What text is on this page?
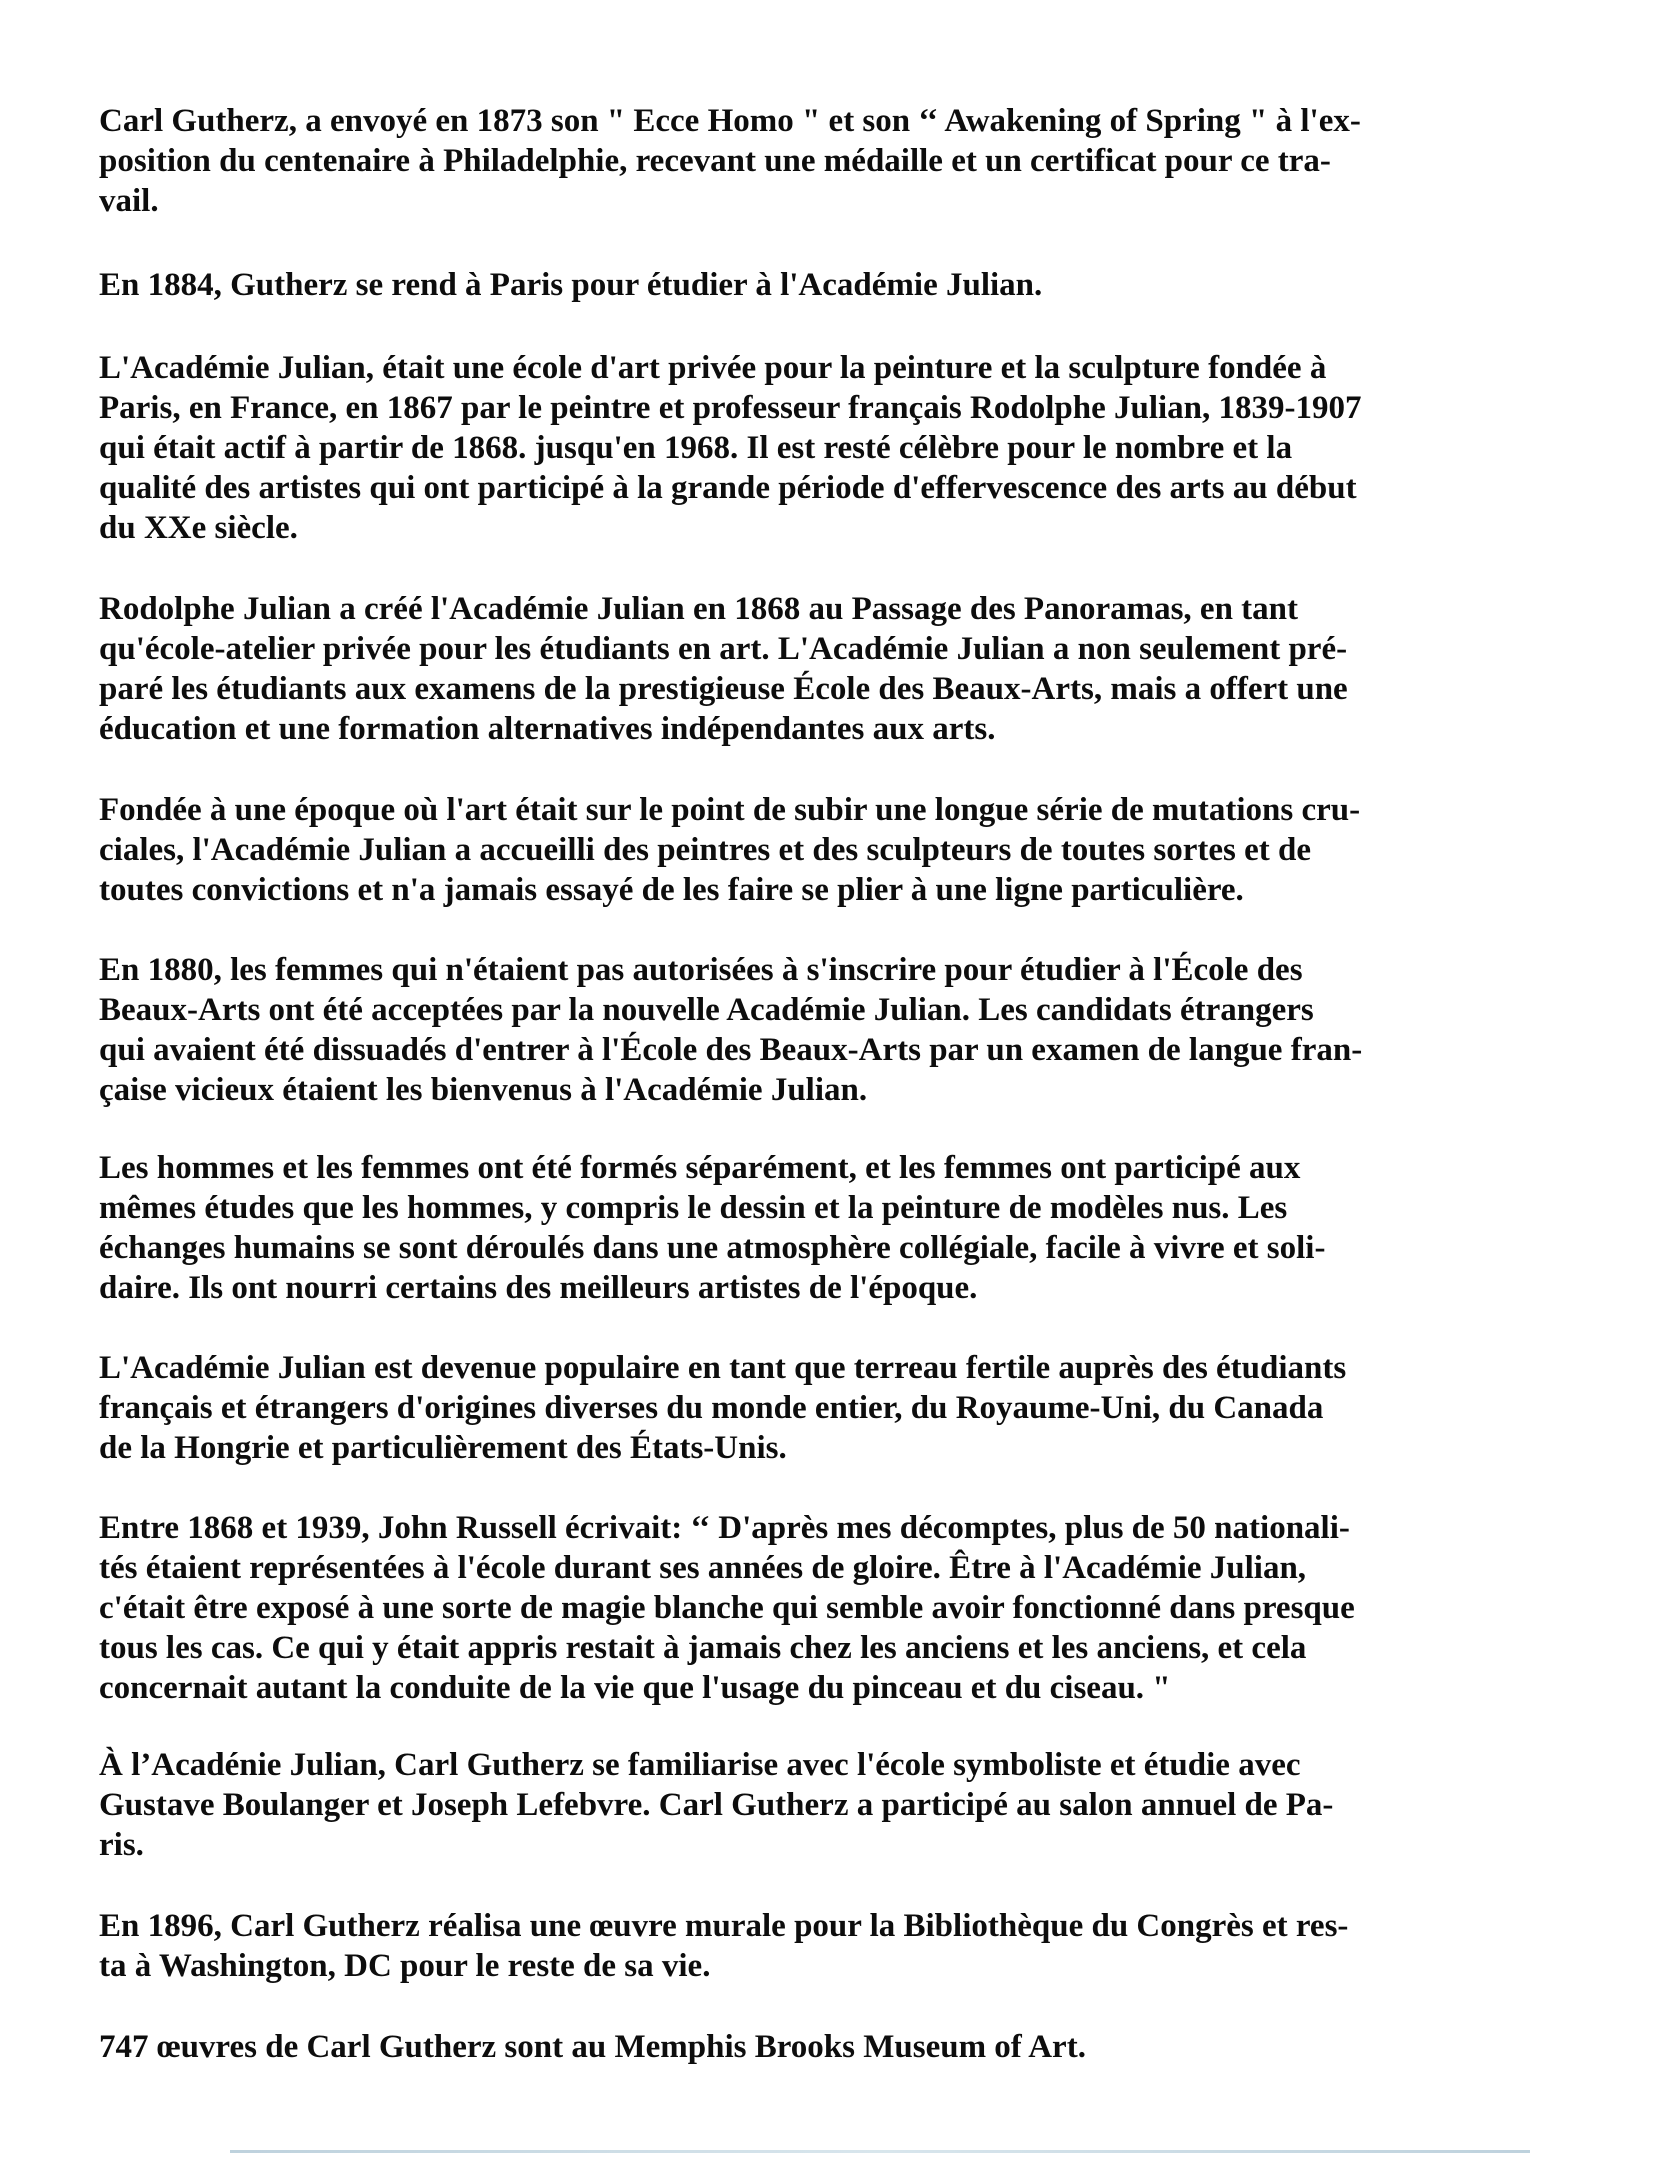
Carl Gutherz, a envoyé en 1873 son " Ecce Homo " et son ‘‘ Awakening of Spring " à l'ex-
position du centenaire à Philadelphie, recevant une médaille et un certificat pour ce tra-
vail.

En 1884, Gutherz se rend à Paris pour étudier à l'Académie Julian.

L'Académie Julian, était une école d'art privée pour la peinture et la sculpture fondée à
Paris, en France, en 1867 par le peintre et professeur français Rodolphe Julian, 1839-1907
qui était actif à partir de 1868. jusqu'en 1968. Il est resté célèbre pour le nombre et la
qualité des artistes qui ont participé à la grande période d'effervescence des arts au début
du XXe siècle.

Rodolphe Julian a créé l'Académie Julian en 1868 au Passage des Panoramas, en tant
qu'école-atelier privée pour les étudiants en art. L'Académie Julian a non seulement pré-
paré les étudiants aux examens de la prestigieuse École des Beaux-Arts, mais a offert une
éducation et une formation alternatives indépendantes aux arts.

Fondée à une époque où l'art était sur le point de subir une longue série de mutations cru-
ciales, l'Académie Julian a accueilli des peintres et des sculpteurs de toutes sortes et de
toutes convictions et n'a jamais essayé de les faire se plier à une ligne particulière.

En 1880, les femmes qui n'étaient pas autorisées à s'inscrire pour étudier à l'École des
Beaux-Arts ont été acceptées par la nouvelle Académie Julian. Les candidats étrangers
qui avaient été dissuadés d'entrer à l'École des Beaux-Arts par un examen de langue fran-
çaise vicieux étaient les bienvenus à l'Académie Julian.

Les hommes et les femmes ont été formés séparément, et les femmes ont participé aux
mêmes études que les hommes, y compris le dessin et la peinture de modèles nus. Les
échanges humains se sont déroulés dans une atmosphère collégiale, facile à vivre et soli-
daire. Ils ont nourri certains des meilleurs artistes de l'époque.

L'Académie Julian est devenue populaire en tant que terreau fertile auprès des étudiants
français et étrangers d'origines diverses du monde entier, du Royaume-Uni, du Canada
de la Hongrie et particulièrement des États-Unis.

Entre 1868 et 1939, John Russell écrivait: ‘‘ D'après mes décomptes, plus de 50 nationali-
tés étaient représentées à l'école durant ses années de gloire. Être à l'Académie Julian,
c'était être exposé à une sorte de magie blanche qui semble avoir fonctionné dans presque
tous les cas. Ce qui y était appris restait à jamais chez les anciens et les anciens, et cela
concernait autant la conduite de la vie que l'usage du pinceau et du ciseau. "

À l’Acadénie Julian, Carl Gutherz se familiarise avec l'école symboliste et étudie avec
Gustave Boulanger et Joseph Lefebvre. Carl Gutherz a participé au salon annuel de Pa-
ris.

En 1896, Carl Gutherz réalisa une œuvre murale pour la Bibliothèque du Congrès et res-
ta à Washington, DC pour le reste de sa vie.

747 œuvres de Carl Gutherz sont au Memphis Brooks Museum of Art.
